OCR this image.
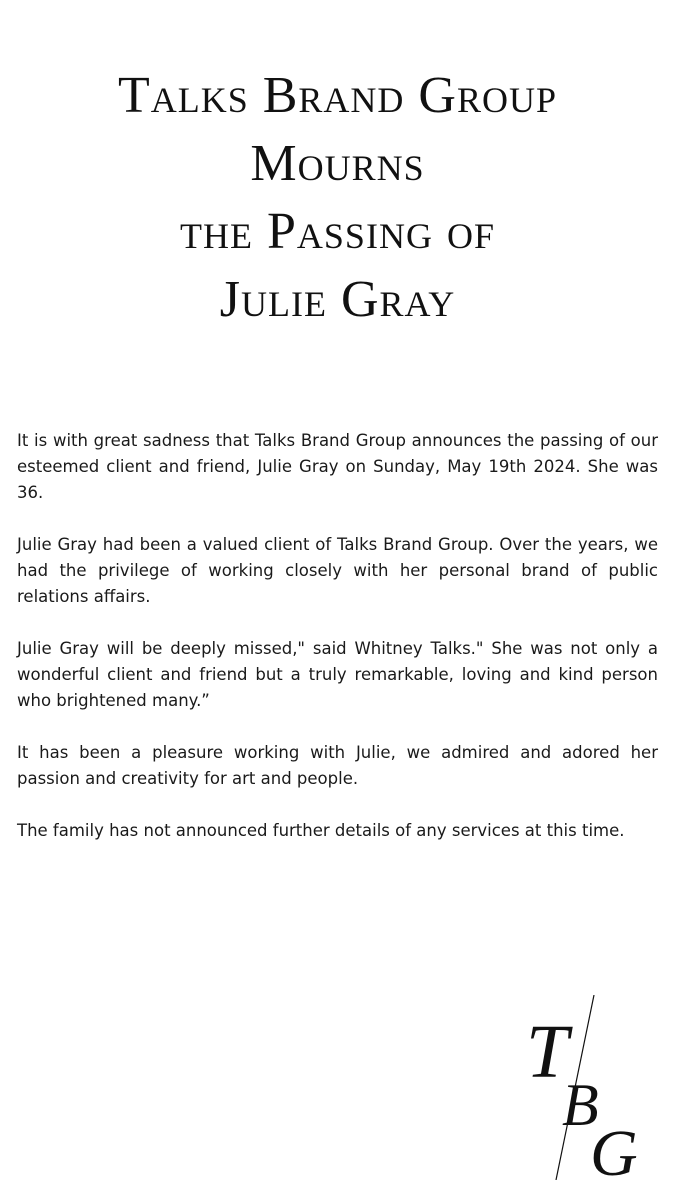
Talks Brand Group
Mourns
the Passing of
Julie Gray

It is with great sadness that Talks Brand Group announces the passing of our esteemed client and friend, Julie Gray on Sunday, May 19th 2024. She was 36.

Julie Gray had been a valued client of Talks Brand Group. Over the years, we had the privilege of working closely with her personal brand of public relations affairs.

Julie Gray will be deeply missed," said Whitney Talks." She was not only a wonderful client and friend but a truly remarkable, loving and kind person who brightened many.”

It has been a pleasure working with Julie, we admired and adored her passion and creativity for art and people.

The family has not announced further details of any services at this time.

T
B
G
